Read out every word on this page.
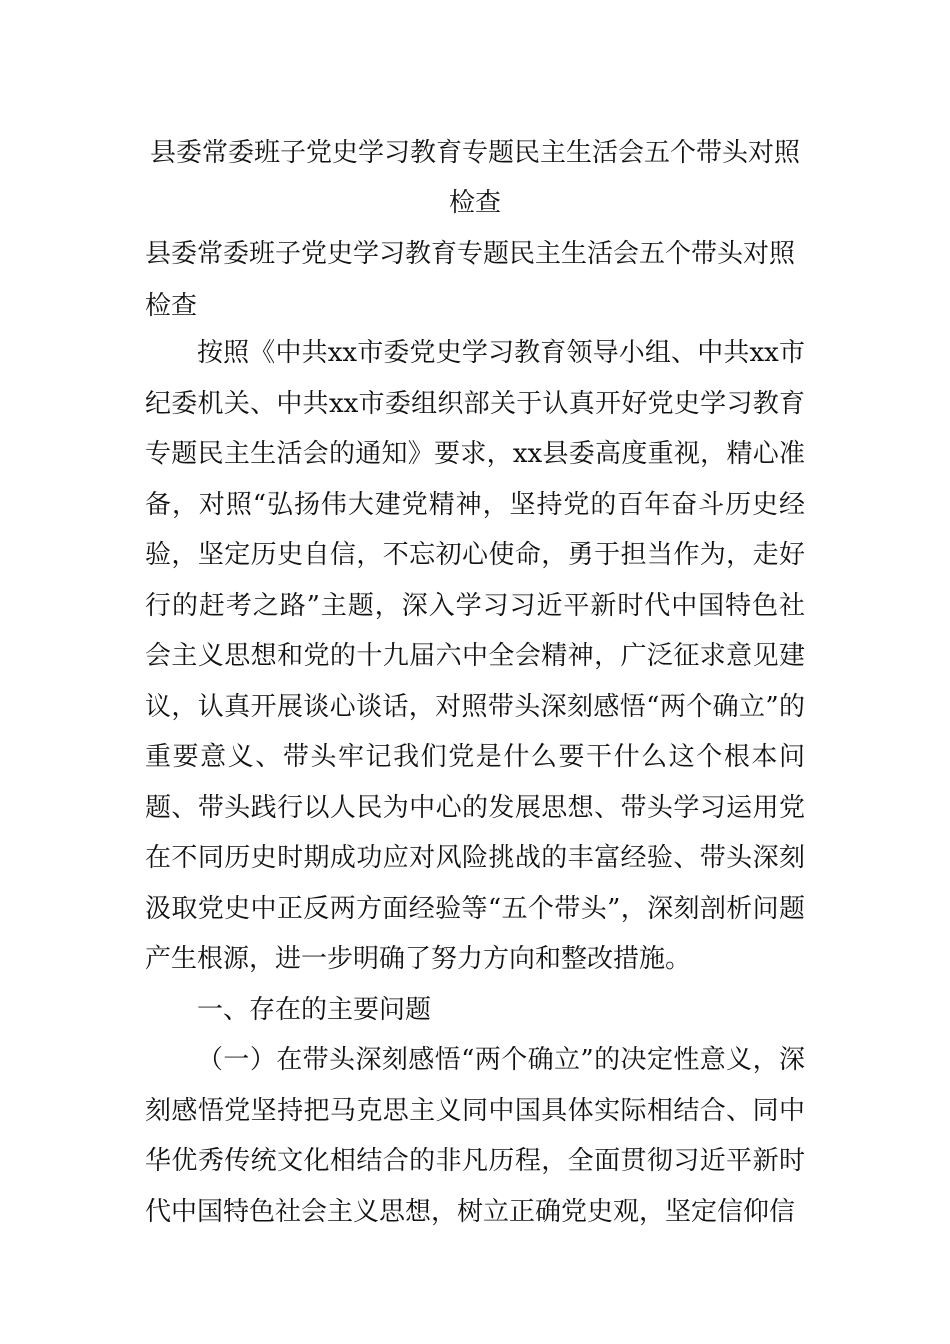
县委常委班子党史学习教育专题民主生活会五个带头对照检查
县委常委班子党史学习教育专题民主生活会五个带头对照检查

按照《中共xx市委党史学习教育领导小组、中共xx市纪委机关、中共xx市委组织部关于认真开好党史学习教育专题民主生活会的通知》要求，xx县委高度重视，精心准备，对照“弘扬伟大建党精神，坚持党的百年奋斗历史经验，坚定历史自信，不忘初心使命，勇于担当作为，走好行的赶考之路”主题，深入学习习近平新时代中国特色社会主义思想和党的十九届六中全会精神，广泛征求意见建议，认真开展谈心谈话，对照带头深刻感悟“两个确立”的重要意义、带头牢记我们党是什么要干什么这个根本问题、带头践行以人民为中心的发展思想、带头学习运用党在不同历史时期成功应对风险挑战的丰富经验、带头深刻汲取党史中正反两方面经验等“五个带头”，深刻剖析问题产生根源，进一步明确了努力方向和整改措施。

一、存在的主要问题

（一）在带头深刻感悟“两个确立”的决定性意义，深刻感悟党坚持把马克思主义同中国具体实际相结合、同中华优秀传统文化相结合的非凡历程，全面贯彻习近平新时代中国特色社会主义思想，树立正确党史观，坚定信仰信
